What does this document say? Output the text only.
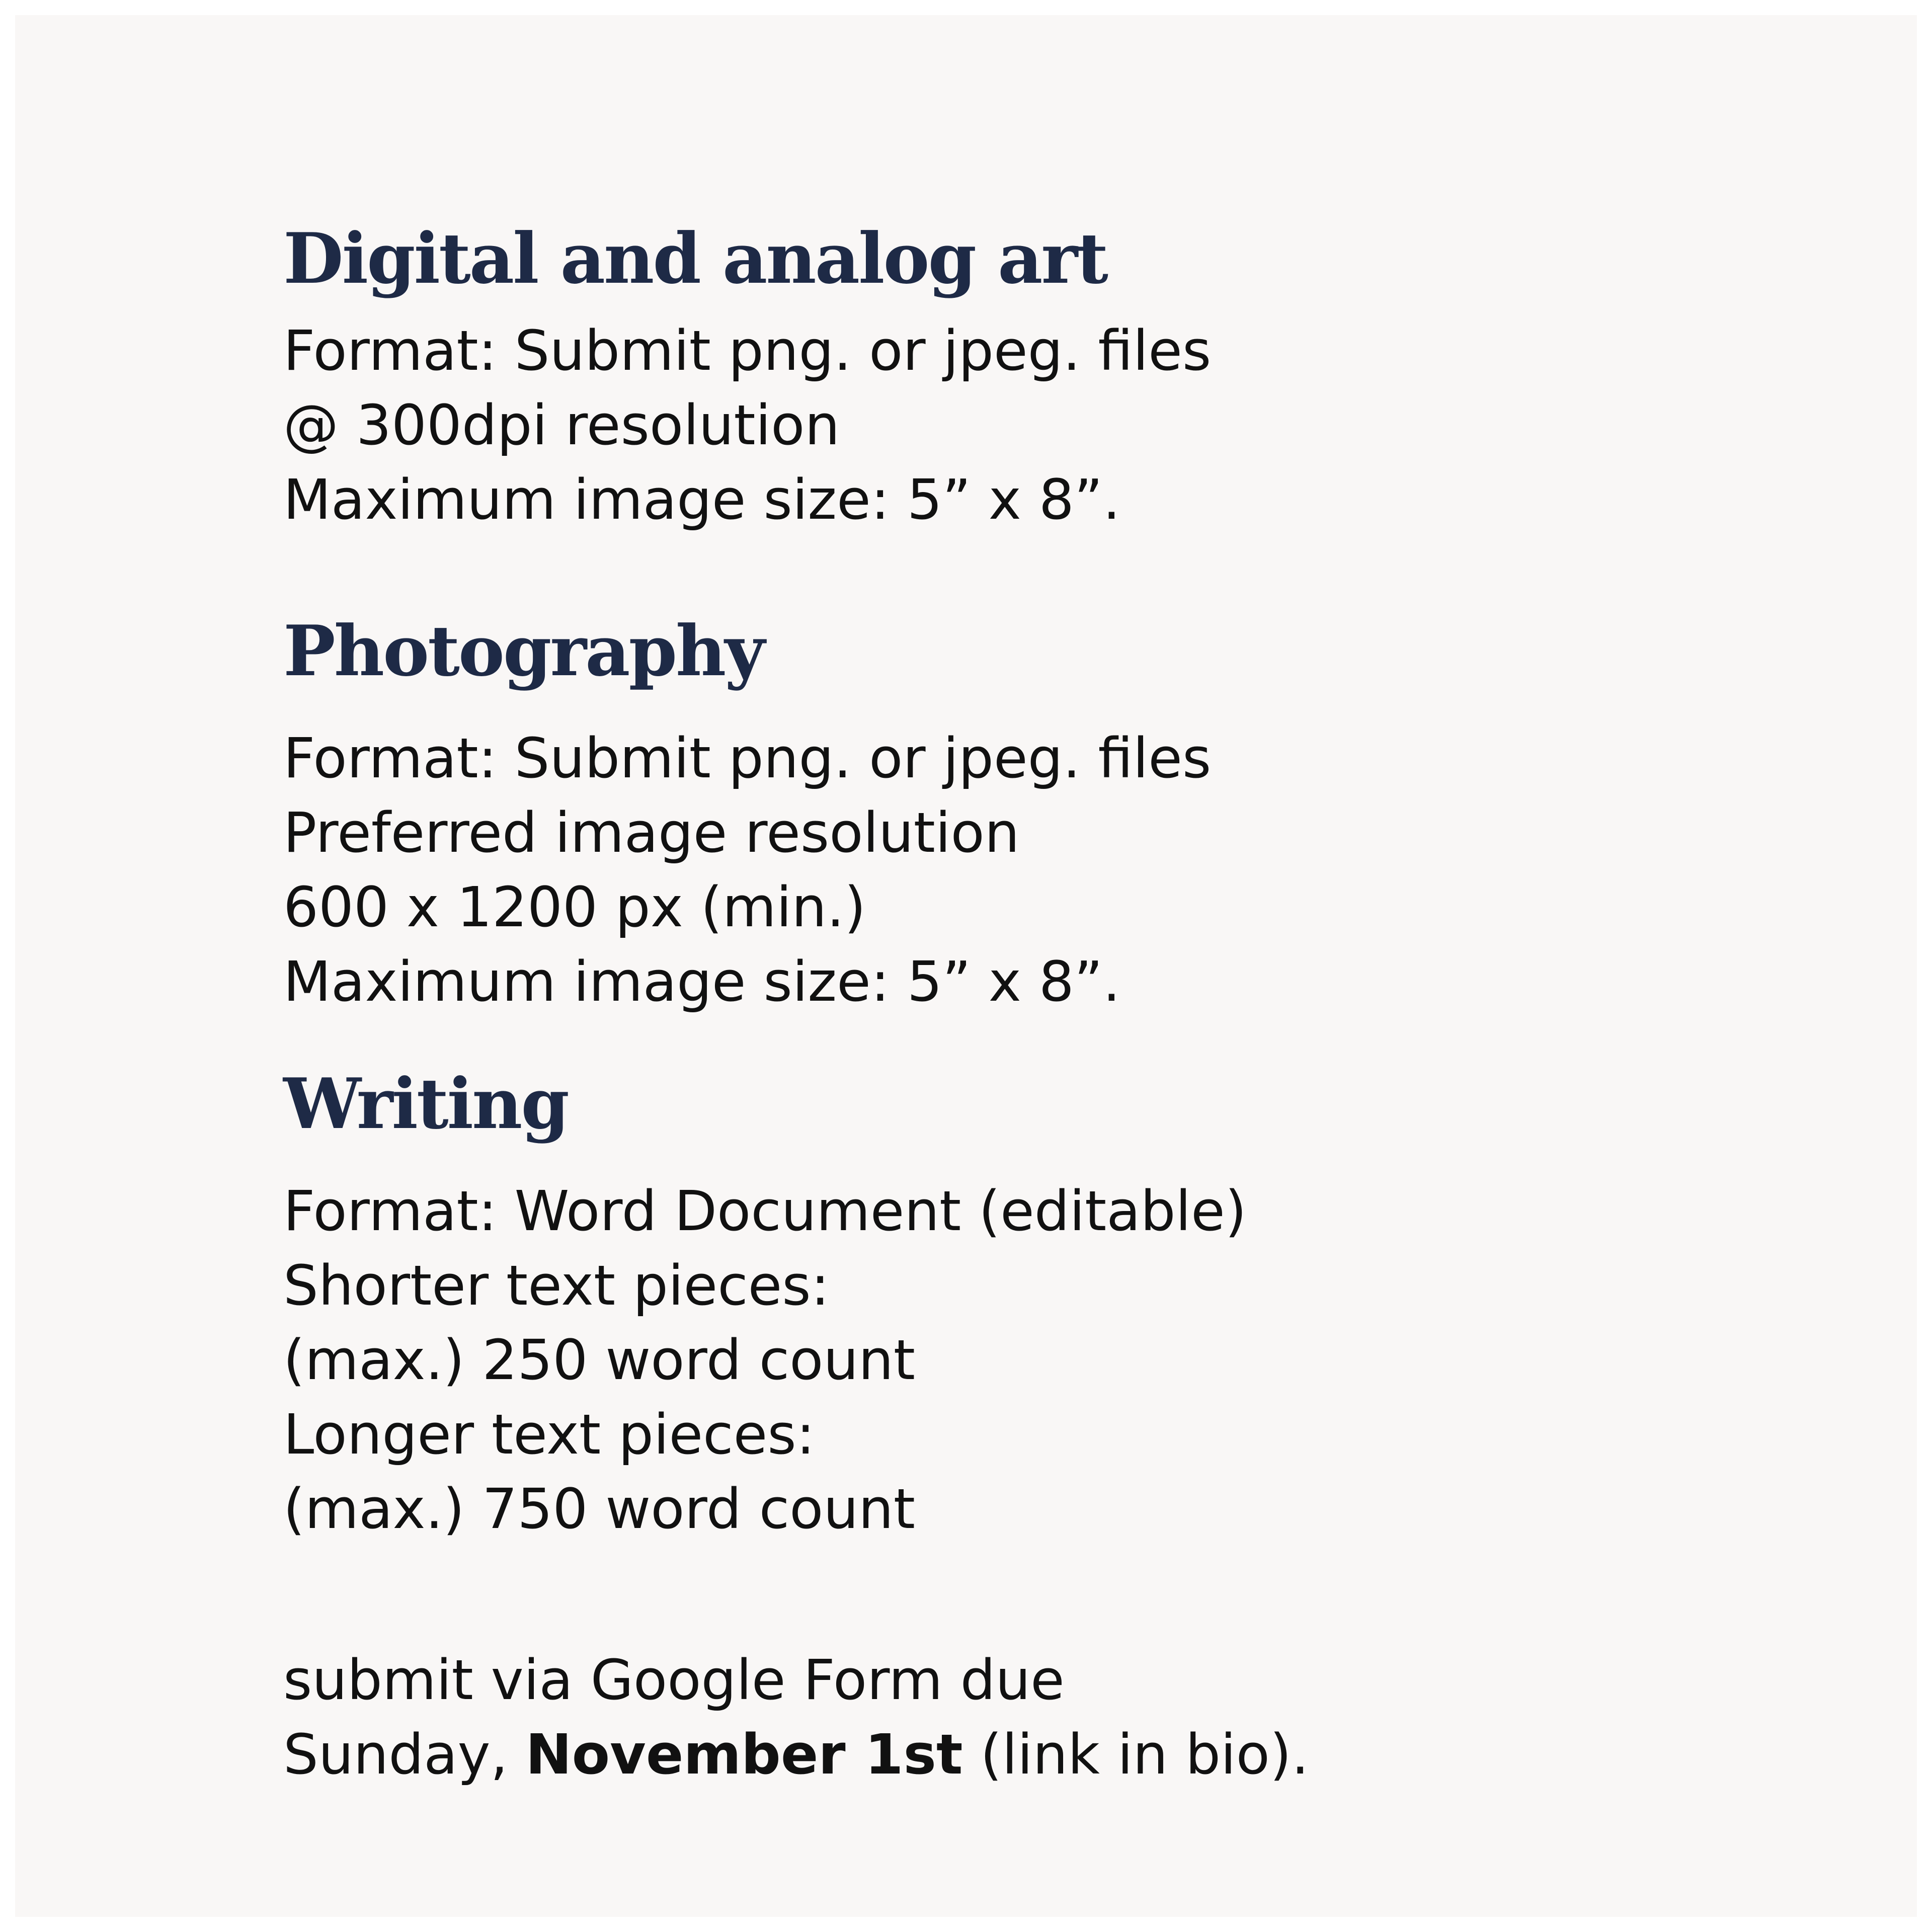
Digital and analog art
Format: Submit png. or jpeg. files
@ 300dpi resolution
Maximum image size: 5” x 8”.
Photography
Format: Submit png. or jpeg. files
Preferred image resolution
600 x 1200 px (min.)
Maximum image size: 5” x 8”.
Writing
Format: Word Document (editable)
Shorter text pieces:
(max.) 250 word count
Longer text pieces:
(max.) 750 word count
submit via Google Form due
Sunday, November 1st (link in bio).
